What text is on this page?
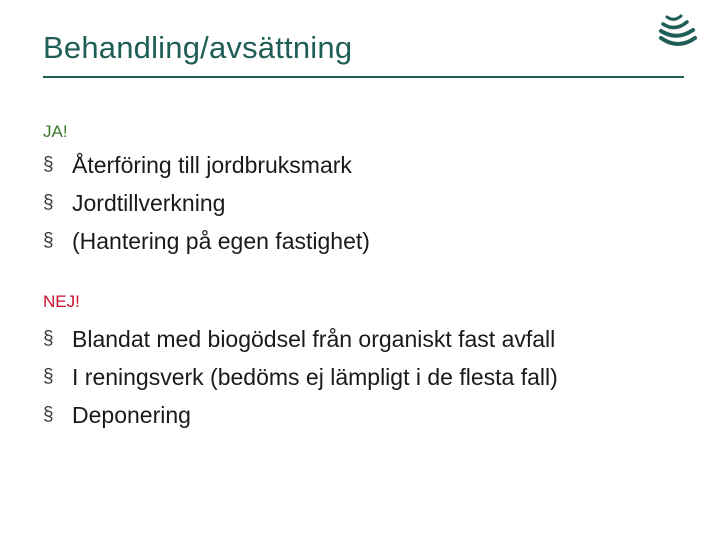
Behandling/avsättning
JA!
§ Återföring till jordbruksmark
§ Jordtillverkning
§ (Hantering på egen fastighet)
NEJ!
§ Blandat med biogödsel från organiskt fast avfall
§ I reningsverk (bedöms ej lämpligt i de flesta fall)
§ Deponering
